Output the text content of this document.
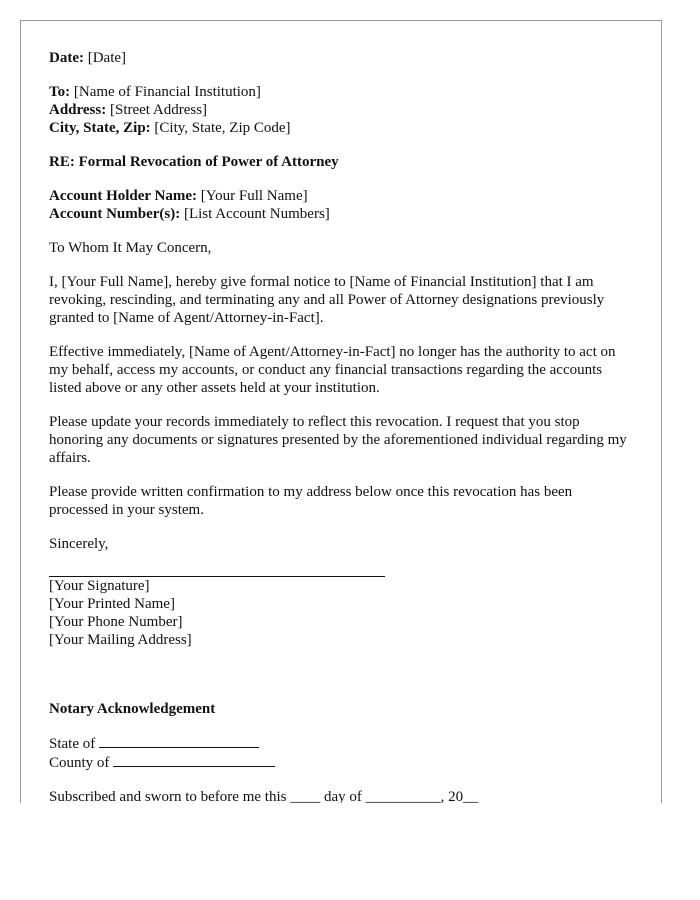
Date: [Date]

To: [Name of Financial Institution]

Address: [Street Address]

City, State, Zip: [City, State, Zip Code]

RE: Formal Revocation of Power of Attorney

Account Holder Name: [Your Full Name]

Account Number(s): [List Account Numbers]

To Whom It May Concern,

I, [Your Full Name], hereby give formal notice to [Name of Financial Institution] that I am revoking, rescinding, and terminating any and all Power of Attorney designations previously granted to [Name of Agent/Attorney-in-Fact].

Effective immediately, [Name of Agent/Attorney-in-Fact] no longer has the authority to act on my behalf, access my accounts, or conduct any financial transactions regarding the accounts listed above or any other assets held at your institution.

Please update your records immediately to reflect this revocation. I request that you stop honoring any documents or signatures presented by the aforementioned individual regarding my affairs.

Please provide written confirmation to my address below once this revocation has been processed in your system.

Sincerely,

[Your Signature]

[Your Printed Name]

[Your Phone Number]

[Your Mailing Address]

Notary Acknowledgement

State of

County of

Subscribed and sworn to before me this ____ day of __________, 20__
